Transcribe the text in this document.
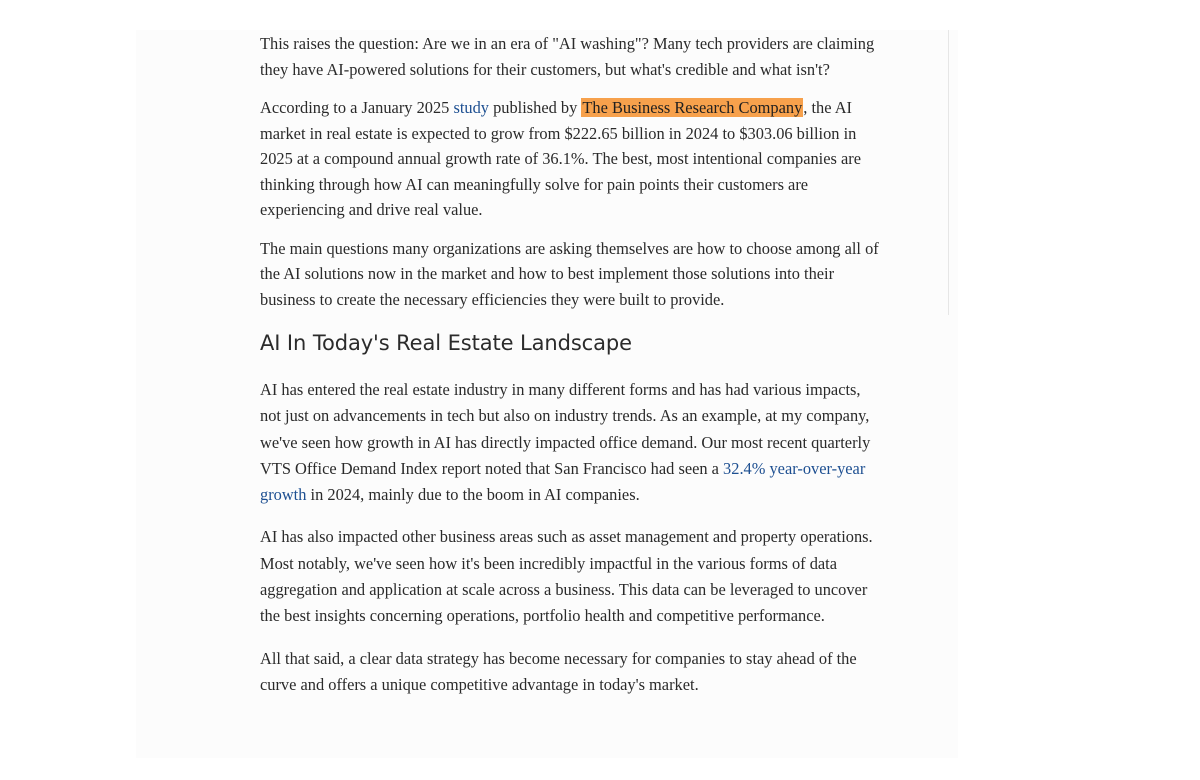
This raises the question: Are we in an era of "AI washing"? Many tech providers are claiming they have AI-powered solutions for their customers, but what's credible and what isn't?

According to a January 2025 study published by The Business Research Company, the AI market in real estate is expected to grow from $222.65 billion in 2024 to $303.06 billion in 2025 at a compound annual growth rate of 36.1%. The best, most intentional companies are thinking through how AI can meaningfully solve for pain points their customers are experiencing and drive real value.

The main questions many organizations are asking themselves are how to choose among all of the AI solutions now in the market and how to best implement those solutions into their business to create the necessary efficiencies they were built to provide.

AI In Today's Real Estate Landscape

AI has entered the real estate industry in many different forms and has had various impacts, not just on advancements in tech but also on industry trends. As an example, at my company, we've seen how growth in AI has directly impacted office demand. Our most recent quarterly VTS Office Demand Index report noted that San Francisco had seen a 32.4% year-over-year growth in 2024, mainly due to the boom in AI companies.

AI has also impacted other business areas such as asset management and property operations. Most notably, we've seen how it's been incredibly impactful in the various forms of data aggregation and application at scale across a business. This data can be leveraged to uncover the best insights concerning operations, portfolio health and competitive performance.

All that said, a clear data strategy has become necessary for companies to stay ahead of the curve and offers a unique competitive advantage in today's market.
